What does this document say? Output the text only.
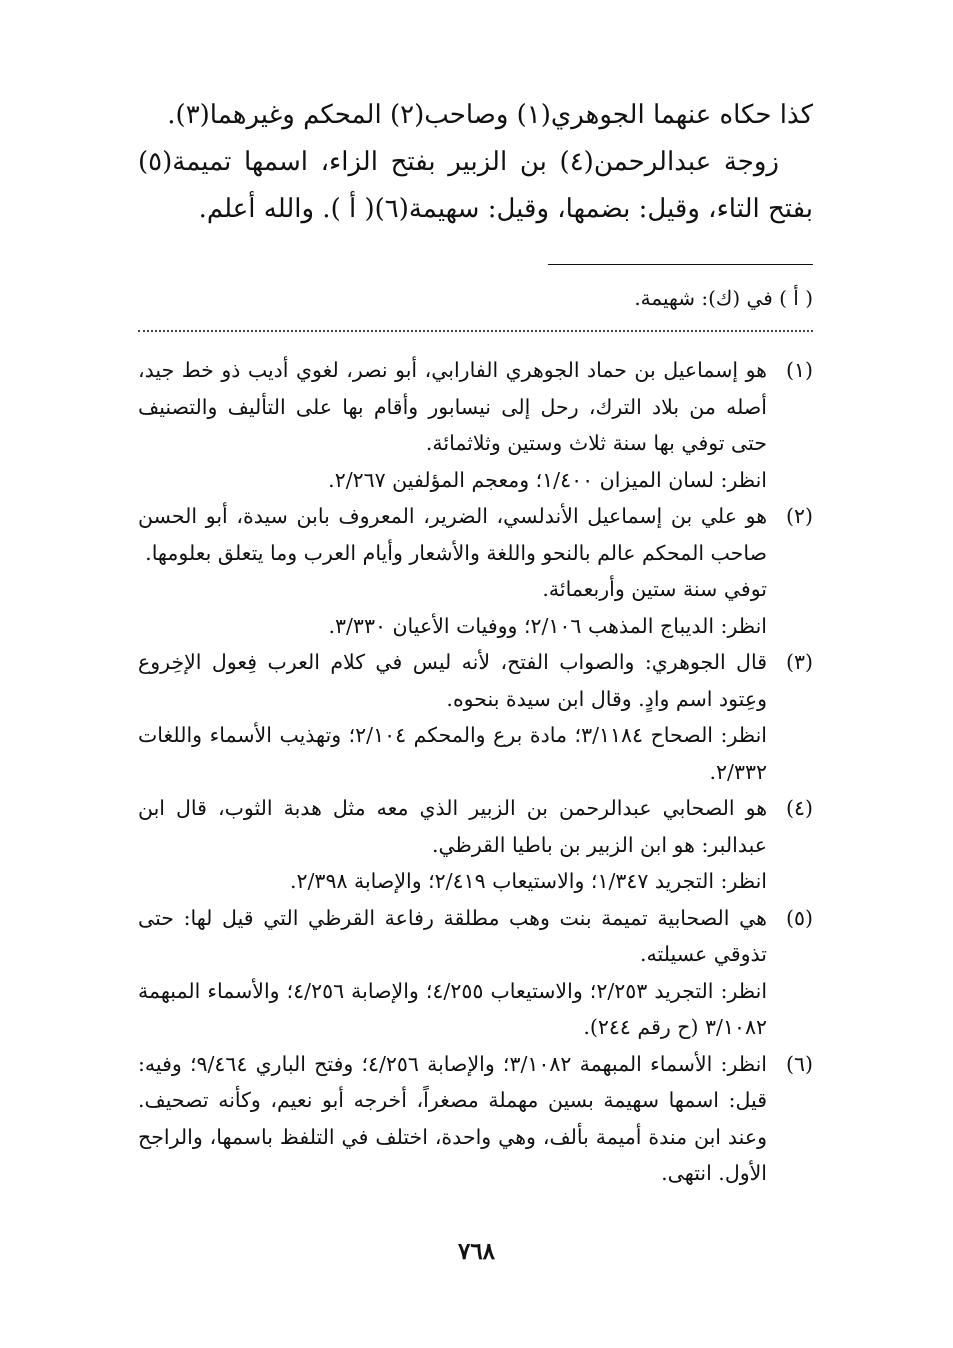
كذا حكاه عنهما الجوهري(١) وصاحب(٢) المحكم وغيرهما(٣).

زوجة عبدالرحمن(٤) بن الزبير بفتح الزاء، اسمها تميمة(٥) بفتح التاء، وقيل: بضمها، وقيل: سهيمة(٦)( أ ). والله أعلم.

( أ ) في (ك): شهيمة.
(١)
هو إسماعيل بن حماد الجوهري الفارابي، أبو نصر، لغوي أديب ذو خط جيد، أصله من بلاد الترك، رحل إلى نيسابور وأقام بها على التأليف والتصنيف حتى توفي بها سنة ثلاث وستين وثلاثمائة.
انظر: لسان الميزان ١/٤٠٠؛ ومعجم المؤلفين ٢/٢٦٧.
(٢)
هو علي بن إسماعيل الأندلسي، الضرير، المعروف بابن سيدة، أبو الحسن صاحب المحكم عالم بالنحو واللغة والأشعار وأيام العرب وما يتعلق بعلومها.
توفي سنة ستين وأربعمائة.
انظر: الديباج المذهب ٢/١٠٦؛ ووفيات الأعيان ٣/٣٣٠.
(٣)
قال الجوهري: والصواب الفتح، لأنه ليس في كلام العرب فِعول الإخِروع وعِتود اسم وادٍ. وقال ابن سيدة بنحوه.
انظر: الصحاح ٣/١١٨٤؛ مادة برع والمحكم ٢/١٠٤؛ وتهذيب الأسماء واللغات ٢/٣٣٢.
(٤)
هو الصحابي عبدالرحمن بن الزبير الذي معه مثل هدبة الثوب، قال ابن عبدالبر: هو ابن الزبير بن باطيا القرظي.
انظر: التجريد ١/٣٤٧؛ والاستيعاب ٢/٤١٩؛ والإصابة ٢/٣٩٨.
(٥)
هي الصحابية تميمة بنت وهب مطلقة رفاعة القرظي التي قيل لها: حتى تذوقي عسيلته.
انظر: التجريد ٢/٢٥٣؛ والاستيعاب ٤/٢٥٥؛ والإصابة ٤/٢٥٦؛ والأسماء المبهمة ٣/١٠٨٢ (ح رقم ٢٤٤).
(٦)
انظر: الأسماء المبهمة ٣/١٠٨٢؛ والإصابة ٤/٢٥٦؛ وفتح الباري ٩/٤٦٤؛ وفيه: قيل: اسمها سهيمة بسين مهملة مصغراً، أخرجه أبو نعيم، وكأنه تصحيف. وعند ابن مندة أميمة بألف، وهي واحدة، اختلف في التلفظ باسمها، والراجح الأول. انتهى.
٧٦٨
